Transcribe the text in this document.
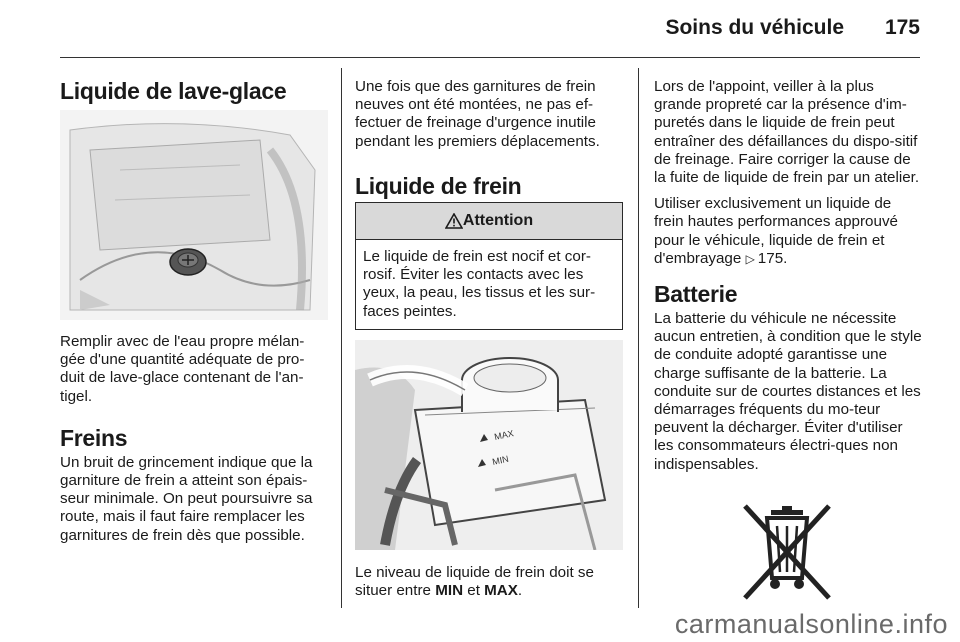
Soins du véhicule 175
Liquide de lave-glace

Remplir avec de l'eau propre mélan-gée d'une quantité adéquate de pro-duit de lave-glace contenant de l'an-tigel.

Freins

Un bruit de grincement indique que la garniture de frein a atteint son épais-seur minimale. On peut poursuivre sa route, mais il faut faire remplacer les garnitures de frein dès que possible.

Une fois que des garnitures de frein neuves ont été montées, ne pas ef-fectuer de freinage d'urgence inutile pendant les premiers déplacements.

Liquide de frein
Attention

Le liquide de frein est nocif et cor-rosif. Éviter les contacts avec les yeux, la peau, les tissus et les sur-faces peintes.

MAX
MIN

Le niveau de liquide de frein doit se situer entre MIN et MAX.

Lors de l'appoint, veiller à la plus grande propreté car la présence d'im-puretés dans le liquide de frein peut entraîner des défaillances du dispo-sitif de freinage. Faire corriger la cause de la fuite de liquide de frein par un atelier.

Utiliser exclusivement un liquide de frein hautes performances approuvé pour le véhicule, liquide de frein et d'embrayage ▷ 175.

Batterie

La batterie du véhicule ne nécessite aucun entretien, à condition que le style de conduite adopté garantisse une charge suffisante de la batterie. La conduite sur de courtes distances et les démarrages fréquents du mo-teur peuvent la décharger. Éviter d'utiliser les consommateurs électri-ques non indispensables.

carmanualsonline.info
